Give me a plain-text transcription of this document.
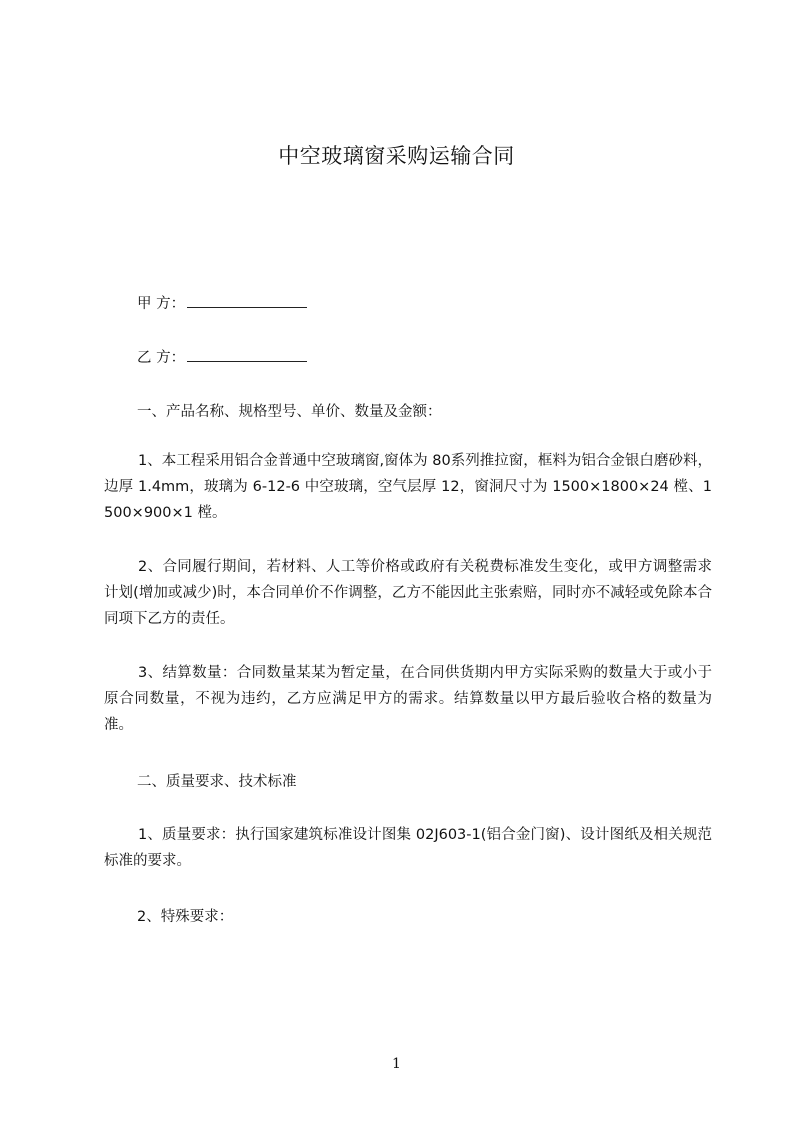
中空玻璃窗采购运输合同
甲 方：
乙 方：
一、产品名称、规格型号、单价、数量及金额：
1、本工程采用铝合金普通中空玻璃窗,窗体为 80系列推拉窗，框料为铝合金银白磨砂料，边厚 1.4mm，玻璃为 6-12-6 中空玻璃，空气层厚 12，窗洞尺寸为 1500×1800×24 樘、1500×900×1 樘。
2、合同履行期间，若材料、人工等价格或政府有关税费标准发生变化，或甲方调整需求计划(增加或减少)时，本合同单价不作调整，乙方不能因此主张索赔，同时亦不减轻或免除本合同项下乙方的责任。
3、结算数量：合同数量某某为暂定量，在合同供货期内甲方实际采购的数量大于或小于原合同数量，不视为违约，乙方应满足甲方的需求。结算数量以甲方最后验收合格的数量为准。
二、质量要求、技术标准
1、质量要求：执行国家建筑标准设计图集 02J603-1(铝合金门窗)、设计图纸及相关规范标准的要求。
2、特殊要求：
1
